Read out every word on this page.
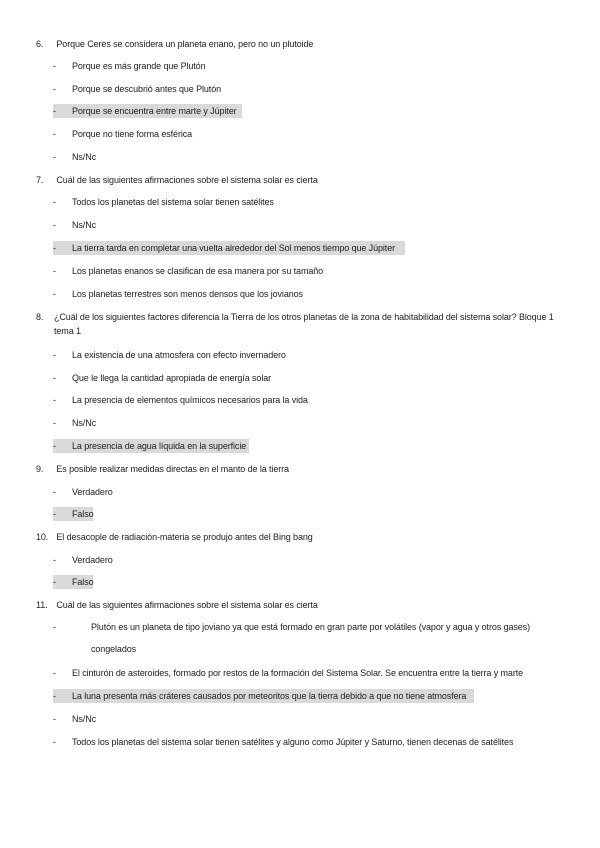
6. Porque Ceres se considera un planeta enano, pero no un plutoide
- Porque es más grande que Plutón
- Porque se descubrió antes que Plutón
- Porque se encuentra entre marte y Júpiter
- Porque no tiene forma esférica
- Ns/Nc
7. Cuál de las siguientes afirmaciones sobre el sistema solar es cierta
- Todos los planetas del sistema solar tienen satélites
- Ns/Nc
- La tierra tarda en completar una vuelta alrededor del Sol menos tiempo que Júpiter
- Los planetas enanos se clasifican de esa manera por su tamaño
- Los planetas terrestres son menos densos que los jovianos
8. ¿Cuál de los siguientes factores diferencia la Tierra de los otros planetas de la zona de habitabilidad del sistema solar? Bloque 1 tema 1
- La existencia de una atmosfera con efecto invernadero
- Que le llega la cantidad apropiada de energía solar
- La presencia de elementos químicos necesarios para la vida
- Ns/Nc
- La presencia de agua líquida en la superficie
9. Es posible realizar medidas directas en el manto de la tierra
- Verdadero
- Falso
10. El desacople de radiación-materia se produjo antes del Bing bang
- Verdadero
- Falso
11. Cuál de las siguientes afirmaciones sobre el sistema solar es cierta
-	Plutón es un planeta de tipo joviano ya que está formado en gran parte por volátiles (vapor y agua y otros gases) congelados
- El cinturón de asteroides, formado por restos de la formación del Sistema Solar. Se encuentra entre la tierra y marte
- La luna presenta más cráteres causados por meteoritos que la tierra debido a que no tiene atmosfera
- Ns/Nc
- Todos los planetas del sistema solar tienen satélites y alguno como Júpiter y Saturno, tienen decenas de satélites
